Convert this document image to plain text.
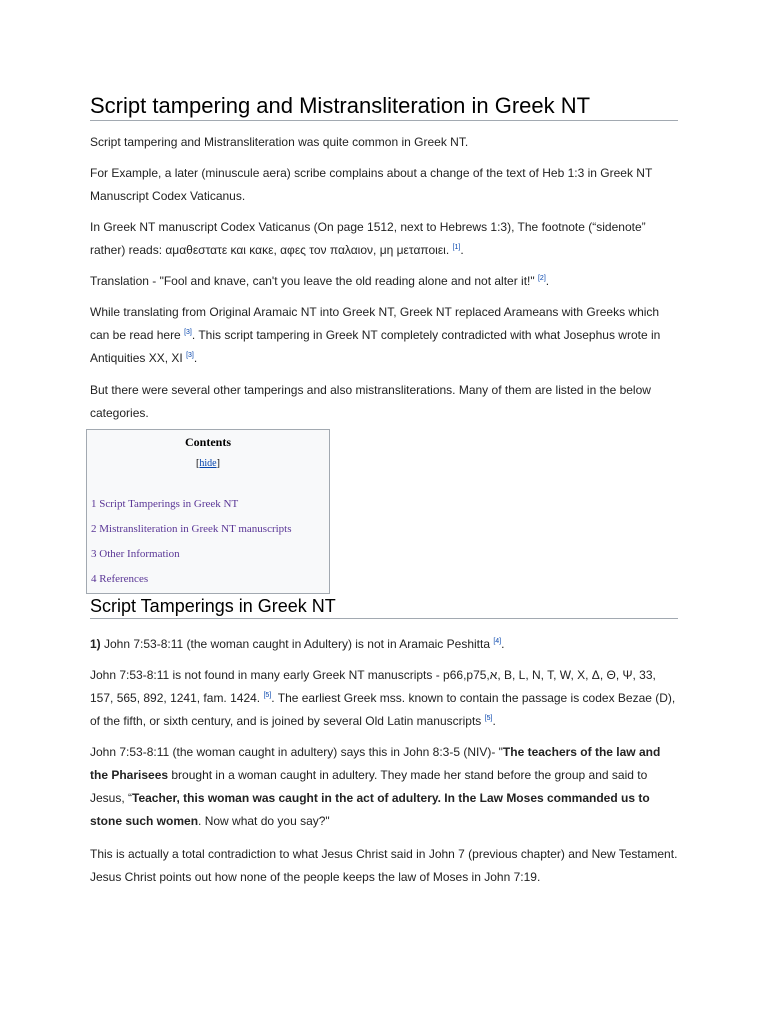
Script tampering and Mistransliteration in Greek NT

Script tampering and Mistransliteration was quite common in Greek NT.

For Example, a later (minuscule aera) scribe complains about a change of the text of Heb 1:3 in Greek NT Manuscript Codex Vaticanus.

In Greek NT manuscript Codex Vaticanus (On page 1512, next to Hebrews 1:3), The footnote (“sidenote” rather) reads: αμαθεστατε και κακε, αφες τον παλαιον, μη μεταποιει. [1].

Translation - "Fool and knave, can't you leave the old reading alone and not alter it!" [2].

While translating from Original Aramaic NT into Greek NT, Greek NT replaced Arameans with Greeks which can be read here [3]. This script tampering in Greek NT completely contradicted with what Josephus wrote in Antiquities XX, XI [3].

But there were several other tamperings and also mistransliterations. Many of them are listed in the below categories.

Script Tamperings in Greek NT

1) John 7:53-8:11 (the woman caught in Adultery) is not in Aramaic Peshitta [4].

John 7:53-8:11 is not found in many early Greek NT manuscripts - p66,p75,א, B, L, N, T, W, X, Δ, Θ, Ψ, 33, 157, 565, 892, 1241, fam. 1424. [5]. The earliest Greek mss. known to contain the passage is codex Bezae (D), of the fifth, or sixth century, and is joined by several Old Latin manuscripts [5].

John 7:53-8:11 (the woman caught in adultery) says this in John 8:3-5 (NIV)- "The teachers of the law and the Pharisees brought in a woman caught in adultery. They made her stand before the group and said to Jesus, “Teacher, this woman was caught in the act of adultery. In the Law Moses commanded us to stone such women. Now what do you say?"

This is actually a total contradiction to what Jesus Christ said in John 7 (previous chapter) and New Testament. Jesus Christ points out how none of the people keeps the law of Moses in John 7:19.

Contents
[hide]
1 Script Tamperings in Greek NT
2 Mistransliteration in Greek NT manuscripts
3 Other Information
4 References
